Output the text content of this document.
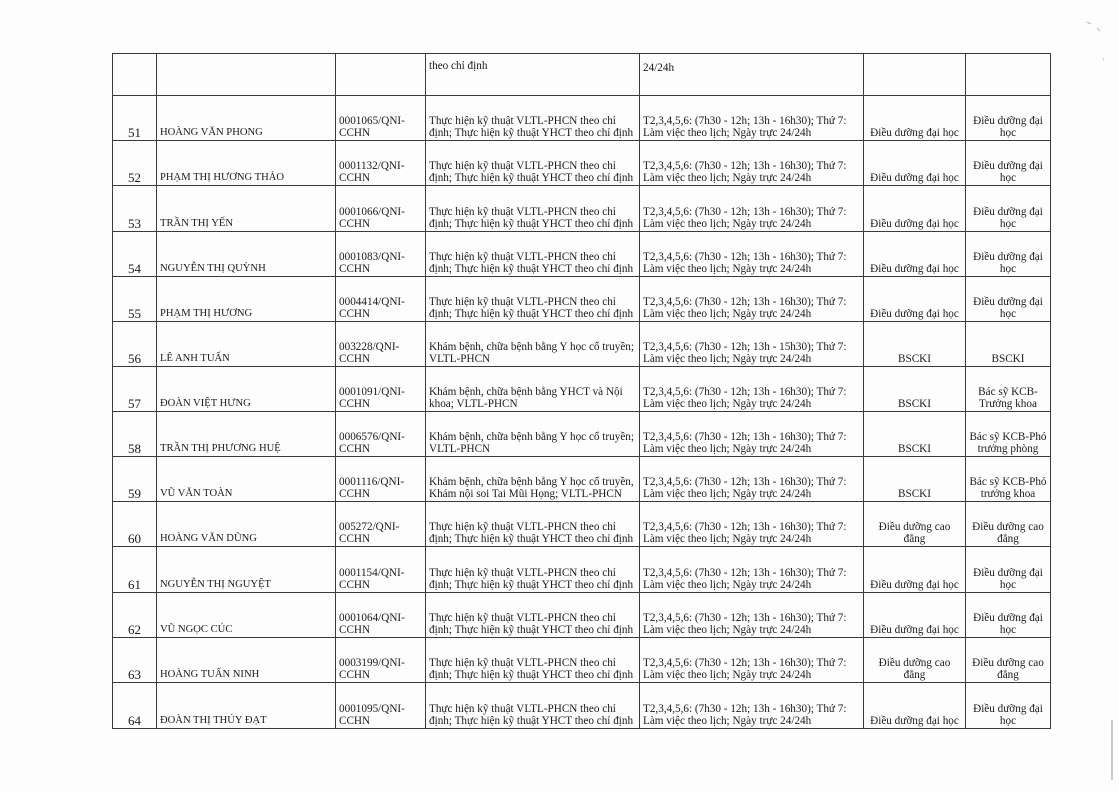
			theo chỉ định	24/24h		
51	HOÀNG VĂN PHONG	0001065/QNI-CCHN	Thực hiện kỹ thuật VLTL-PHCN theo chỉ định; Thực hiện kỹ thuật YHCT theo chỉ định	T2,3,4,5,6: (7h30 - 12h; 13h - 16h30); Thứ 7: Làm việc theo lịch; Ngày trực 24/24h	Điều dưỡng đại học	Điều dưỡng đại học
52	PHẠM THỊ HƯƠNG THẢO	0001132/QNI-CCHN	Thực hiện kỹ thuật VLTL-PHCN theo chỉ định; Thực hiện kỹ thuật YHCT theo chỉ định	T2,3,4,5,6: (7h30 - 12h; 13h - 16h30); Thứ 7: Làm việc theo lịch; Ngày trực 24/24h	Điều dưỡng đại học	Điều dưỡng đại học
53	TRẦN THỊ YẾN	0001066/QNI-CCHN	Thực hiện kỹ thuật VLTL-PHCN theo chỉ định; Thực hiện kỹ thuật YHCT theo chỉ định	T2,3,4,5,6: (7h30 - 12h; 13h - 16h30); Thứ 7: Làm việc theo lịch; Ngày trực 24/24h	Điều dưỡng đại học	Điều dưỡng đại học
54	NGUYỄN THỊ QUỲNH	0001083/QNI-CCHN	Thực hiện kỹ thuật VLTL-PHCN theo chỉ định; Thực hiện kỹ thuật YHCT theo chỉ định	T2,3,4,5,6: (7h30 - 12h; 13h - 16h30); Thứ 7: Làm việc theo lịch; Ngày trực 24/24h	Điều dưỡng đại học	Điều dưỡng đại học
55	PHẠM THỊ HƯƠNG	0004414/QNI-CCHN	Thực hiện kỹ thuật VLTL-PHCN theo chỉ định; Thực hiện kỹ thuật YHCT theo chỉ định	T2,3,4,5,6: (7h30 - 12h; 13h - 16h30); Thứ 7: Làm việc theo lịch; Ngày trực 24/24h	Điều dưỡng đại học	Điều dưỡng đại học
56	LÊ ANH TUẤN	003228/QNI-CCHN	Khám bệnh, chữa bệnh bằng Y học cổ truyền; VLTL-PHCN	T2,3,4,5,6: (7h30 - 12h; 13h - 15h30); Thứ 7: Làm việc theo lịch; Ngày trực 24/24h	BSCKI	BSCKI
57	ĐOÀN VIỆT HƯNG	0001091/QNI-CCHN	Khám bệnh, chữa bệnh bằng YHCT và Nội khoa; VLTL-PHCN	T2,3,4,5,6: (7h30 - 12h; 13h - 16h30); Thứ 7: Làm việc theo lịch; Ngày trực 24/24h	BSCKI	Bác sỹ KCB-Trưởng khoa
58	TRẦN THỊ PHƯƠNG HUỆ	0006576/QNI-CCHN	Khám bệnh, chữa bệnh bằng Y học cổ truyền; VLTL-PHCN	T2,3,4,5,6: (7h30 - 12h; 13h - 16h30); Thứ 7: Làm việc theo lịch; Ngày trực 24/24h	BSCKI	Bác sỹ KCB-Phó trưởng phòng
59	VŨ VĂN TOÀN	0001116/QNI-CCHN	Khám bệnh, chữa bệnh bằng Y học cổ truyền, Khám nội soi Tai Mũi Họng; VLTL-PHCN	T2,3,4,5,6: (7h30 - 12h; 13h - 16h30); Thứ 7: Làm việc theo lịch; Ngày trực 24/24h	BSCKI	Bác sỹ KCB-Phó trưởng khoa
60	HOÀNG VĂN DŨNG	005272/QNI-CCHN	Thực hiện kỹ thuật VLTL-PHCN theo chỉ định; Thực hiện kỹ thuật YHCT theo chỉ định	T2,3,4,5,6: (7h30 - 12h; 13h - 16h30); Thứ 7: Làm việc theo lịch; Ngày trực 24/24h	Điều dưỡng cao đẳng	Điều dưỡng cao đẳng
61	NGUYỄN THỊ NGUYỆT	0001154/QNI-CCHN	Thực hiện kỹ thuật VLTL-PHCN theo chỉ định; Thực hiện kỹ thuật YHCT theo chỉ định	T2,3,4,5,6: (7h30 - 12h; 13h - 16h30); Thứ 7: Làm việc theo lịch; Ngày trực 24/24h	Điều dưỡng đại học	Điều dưỡng đại học
62	VŨ NGỌC CÚC	0001064/QNI-CCHN	Thực hiện kỹ thuật VLTL-PHCN theo chỉ định; Thực hiện kỹ thuật YHCT theo chỉ định	T2,3,4,5,6: (7h30 - 12h; 13h - 16h30); Thứ 7: Làm việc theo lịch; Ngày trực 24/24h	Điều dưỡng đại học	Điều dưỡng đại học
63	HOÀNG TUẤN NINH	0003199/QNI-CCHN	Thực hiện kỹ thuật VLTL-PHCN theo chỉ định; Thực hiện kỹ thuật YHCT theo chỉ định	T2,3,4,5,6: (7h30 - 12h; 13h - 16h30); Thứ 7: Làm việc theo lịch; Ngày trực 24/24h	Điều dưỡng cao đẳng	Điều dưỡng cao đẳng
64	ĐOÀN THỊ THÚY ĐẠT	0001095/QNI-CCHN	Thực hiện kỹ thuật VLTL-PHCN theo chỉ định; Thực hiện kỹ thuật YHCT theo chỉ định	T2,3,4,5,6: (7h30 - 12h; 13h - 16h30); Thứ 7: Làm việc theo lịch; Ngày trực 24/24h	Điều dưỡng đại học	Điều dưỡng đại học
